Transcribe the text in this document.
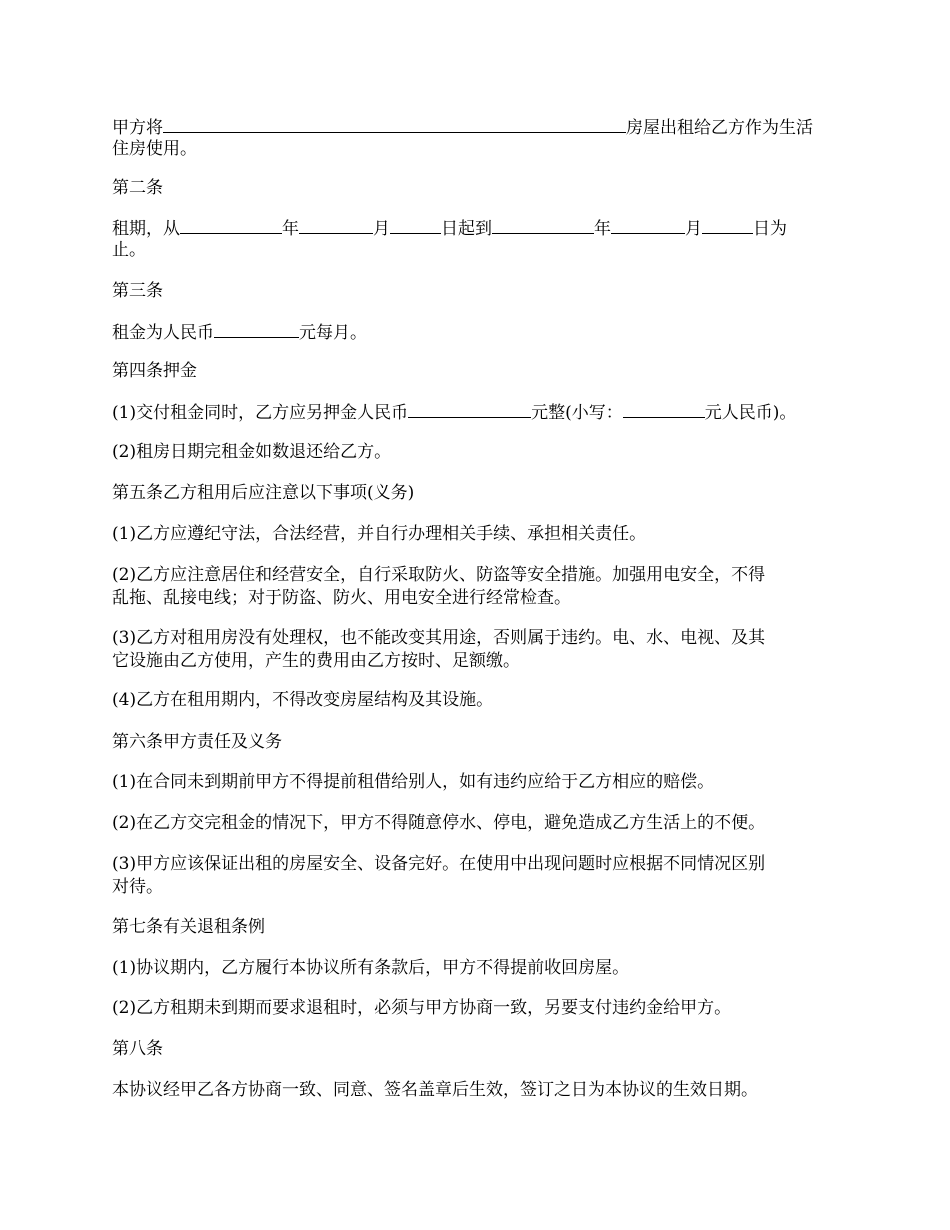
甲方将	房屋出租给乙方作为生活

住房使用。

第二条

租期，从	年	月	日起到	年	月	日为

止。

第三条

租金为人民币	元每月。

第四条押金

(1)交付租金同时，乙方应另押金人民币	元整(小写：	元人民币)。

(2)租房日期完租金如数退还给乙方。

第五条乙方租用后应注意以下事项(义务)

(1)乙方应遵纪守法，合法经营，并自行办理相关手续、承担相关责任。

(2)乙方应注意居住和经营安全，自行采取防火、防盗等安全措施。加强用电安全，不得

乱拖、乱接电线；对于防盗、防火、用电安全进行经常检查。

(3)乙方对租用房没有处理权，也不能改变其用途，否则属于违约。电、水、电视、及其

它设施由乙方使用，产生的费用由乙方按时、足额缴。

(4)乙方在租用期内，不得改变房屋结构及其设施。

第六条甲方责任及义务

(1)在合同未到期前甲方不得提前租借给别人，如有违约应给于乙方相应的赔偿。

(2)在乙方交完租金的情况下，甲方不得随意停水、停电，避免造成乙方生活上的不便。

(3)甲方应该保证出租的房屋安全、设备完好。在使用中出现问题时应根据不同情况区别

对待。

第七条有关退租条例

(1)协议期内，乙方履行本协议所有条款后，甲方不得提前收回房屋。

(2)乙方租期未到期而要求退租时，必须与甲方协商一致，另要支付违约金给甲方。

第八条

本协议经甲乙各方协商一致、同意、签名盖章后生效，签订之日为本协议的生效日期。
